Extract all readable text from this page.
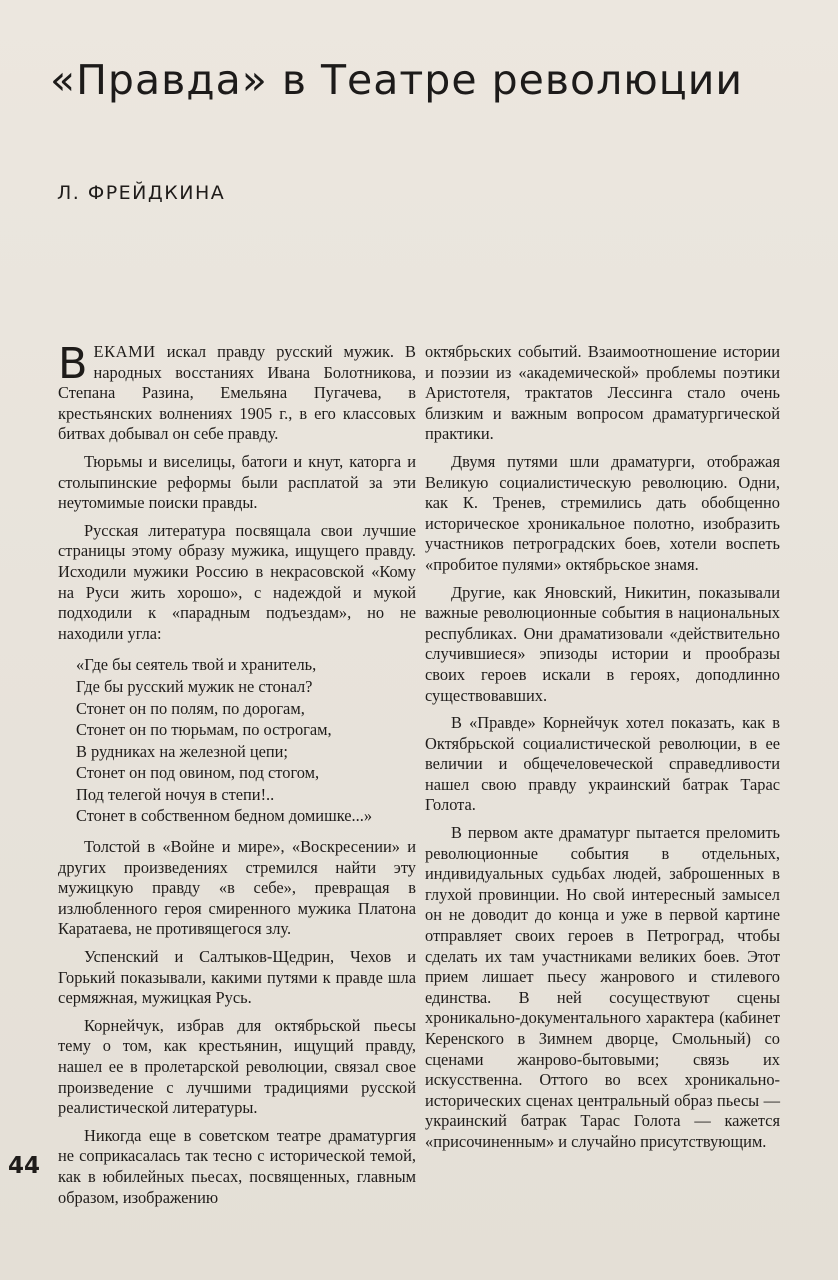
«Правда» в Театре революции

Л. ФРЕЙДКИНА

ВЕКАМИ искал правду русский мужик. В народных восстаниях Ивана Болотникова, Степана Разина, Емельяна Пугачева, в крестьянских волнениях 1905 г., в его классовых битвах добывал он себе правду.

Тюрьмы и виселицы, батоги и кнут, каторга и столыпинские реформы были расплатой за эти неутомимые поиски правды.

Русская литература посвящала свои лучшие страницы этому образу мужика, ищущего правду. Исходили мужики Россию в некрасовской «Кому на Руси жить хорошо», с надеждой и мукой подходили к «парадным подъездам», но не находили угла:

«Где бы сеятель твой и хранитель,
Где бы русский мужик не стонал?
Стонет он по полям, по дорогам,
Стонет он по тюрьмам, по острогам,
В рудниках на железной цепи;
Стонет он под овином, под стогом,
Под телегой ночуя в степи!..
Стонет в собственном бедном домишке...»

Толстой в «Войне и мире», «Воскресении» и других произведениях стремился найти эту мужицкую правду «в себе», превращая в излюбленного героя смиренного мужика Платона Каратаева, не противящегося злу.

Успенский и Салтыков-Щедрин, Чехов и Горький показывали, какими путями к правде шла сермяжная, мужицкая Русь.

Корнейчук, избрав для октябрьской пьесы тему о том, как крестьянин, ищущий правду, нашел ее в пролетарской революции, связал свое произведение с лучшими традициями русской реалистической литературы.

Никогда еще в советском театре драматургия не соприкасалась так тесно с исторической темой, как в юбилейных пьесах, посвященных, главным образом, изображению

октябрьских событий. Взаимоотношение истории и поэзии из «академической» проблемы поэтики Аристотеля, трактатов Лессинга стало очень близким и важным вопросом драматургической практики.

Двумя путями шли драматурги, отображая Великую социалистическую революцию. Одни, как К. Тренев, стремились дать обобщенно историческое хроникальное полотно, изобразить участников петроградских боев, хотели воспеть «пробитое пулями» октябрьское знамя.

Другие, как Яновский, Никитин, показывали важные революционные события в национальных республиках. Они драматизовали «действительно случившиеся» эпизоды истории и прообразы своих героев искали в героях, доподлинно существовавших.

В «Правде» Корнейчук хотел показать, как в Октябрьской социалистической революции, в ее величии и общечеловеческой справедливости нашел свою правду украинский батрак Тарас Голота.

В первом акте драматург пытается преломить революционные события в отдельных, индивидуальных судьбах людей, заброшенных в глухой провинции. Но свой интересный замысел он не доводит до конца и уже в первой картине отправляет своих героев в Петроград, чтобы сделать их там участниками великих боев. Этот прием лишает пьесу жанрового и стилевого единства. В ней сосуществуют сцены хроникально-документального характера (кабинет Керенского в Зимнем дворце, Смольный) со сценами жанрово-бытовыми; связь их искусственна. Оттого во всех хроникально-исторических сценах центральный образ пьесы — украинский батрак Тарас Голота — кажется «присочиненным» и случайно присутствующим.

44
